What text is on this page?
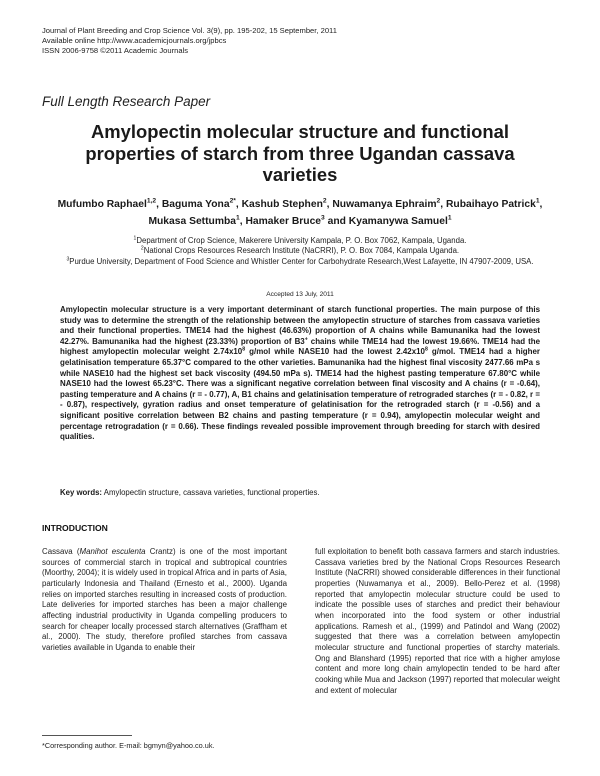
Journal of Plant Breeding and Crop Science Vol. 3(9), pp. 195-202, 15 September, 2011
Available online http://www.academicjournals.org/jpbcs
ISSN 2006-9758 ©2011 Academic Journals
Full Length Research Paper
Amylopectin molecular structure and functional properties of starch from three Ugandan cassava varieties
Mufumbo Raphael$^{1,2}$, Baguma Yona$^{2*}$, Kashub Stephen$^2$, Nuwamanya Ephraim$^2$, Rubaihayo Patrick$^1$, Mukasa Settumba$^1$, Hamaker Bruce$^3$ and Kyamanywa Samuel$^1$
$^1$Department of Crop Science, Makerere University Kampala, P. O. Box 7062, Kampala, Uganda.
$^2$National Crops Resources Research Institute (NaCRRI), P. O. Box 7084, Kampala Uganda.
$^3$Purdue University, Department of Food Science and Whistler Center for Carbohydrate Research,West Lafayette, IN 47907-2009, USA.
Accepted 13 July, 2011
Amylopectin molecular structure is a very important determinant of starch functional properties. The main purpose of this study was to determine the strength of the relationship between the amylopectin structure of starches from cassava varieties and their functional properties. TME14 had the highest (46.63%) proportion of A chains while Bamunanika had the lowest 42.27%. Bamunanika had the highest (23.33%) proportion of B3+ chains while TME14 had the lowest 19.66%. TME14 had the highest amylopectin molecular weight $2.74x10^8$ g/mol while NASE10 had the lowest $2.42x10^8$ g/mol. TME14 had a higher gelatinisation temperature 65.37°C compared to the other varieties. Bamunanika had the highest final viscosity 2477.66 mPa s while NASE10 had the highest set back viscosity (494.50 mPa s). TME14 had the highest pasting temperature 67.80°C while NASE10 had the lowest 65.23°C. There was a significant negative correlation between final viscosity and A chains (r = -0.64), pasting temperature and A chains (r = - 0.77), A, B1 chains and gelatinisation temperature of retrograded starches (r = - 0.82, r = - 0.87), respectively, gyration radius and onset temperature of gelatinisation for the retrograded starch (r = -0.56) and a significant positive correlation between B2 chains and pasting temperature (r = 0.94), amylopectin molecular weight and percentage retrogradation (r = 0.66). These findings revealed possible improvement through breeding for starch with desired qualities.
Key words: Amylopectin structure, cassava varieties, functional properties.
INTRODUCTION

Cassava (Manihot esculenta Crantz) is one of the most important sources of commercial starch in tropical and subtropical countries (Moorthy, 2004); it is widely used in tropical Africa and in parts of Asia, particularly Indonesia and Thailand (Ernesto et al., 2000). Uganda relies on imported starches resulting in increased costs of production. Late deliveries for imported starches has been a major challenge affecting industrial productivity in Uganda compelling producers to search for cheaper locally processed starch alternatives (Graffham et al., 2000). The study, therefore profiled starches from cassava varieties available in Uganda to enable their

full exploitation to benefit both cassava farmers and starch industries. Cassava varieties bred by the National Crops Resources Research Institute (NaCRRI) showed considerable differences in their functional properties (Nuwamanya et al., 2009). Bello-Perez et al. (1998) reported that amylopectin molecular structure could be used to indicate the possible uses of starches and predict their behaviour when incorporated into the food system or other industrial applications. Ramesh et al., (1999) and Patindol and Wang (2002) suggested that there was a correlation between amylopectin molecular structure and functional properties of starchy materials. Ong and Blanshard (1995) reported that rice with a higher amylose content and more long chain amylopectin tended to be hard after cooking while Mua and Jackson (1997) reported that molecular weight and extent of molecular

*Corresponding author. E-mail: bgmyn@yahoo.co.uk.
